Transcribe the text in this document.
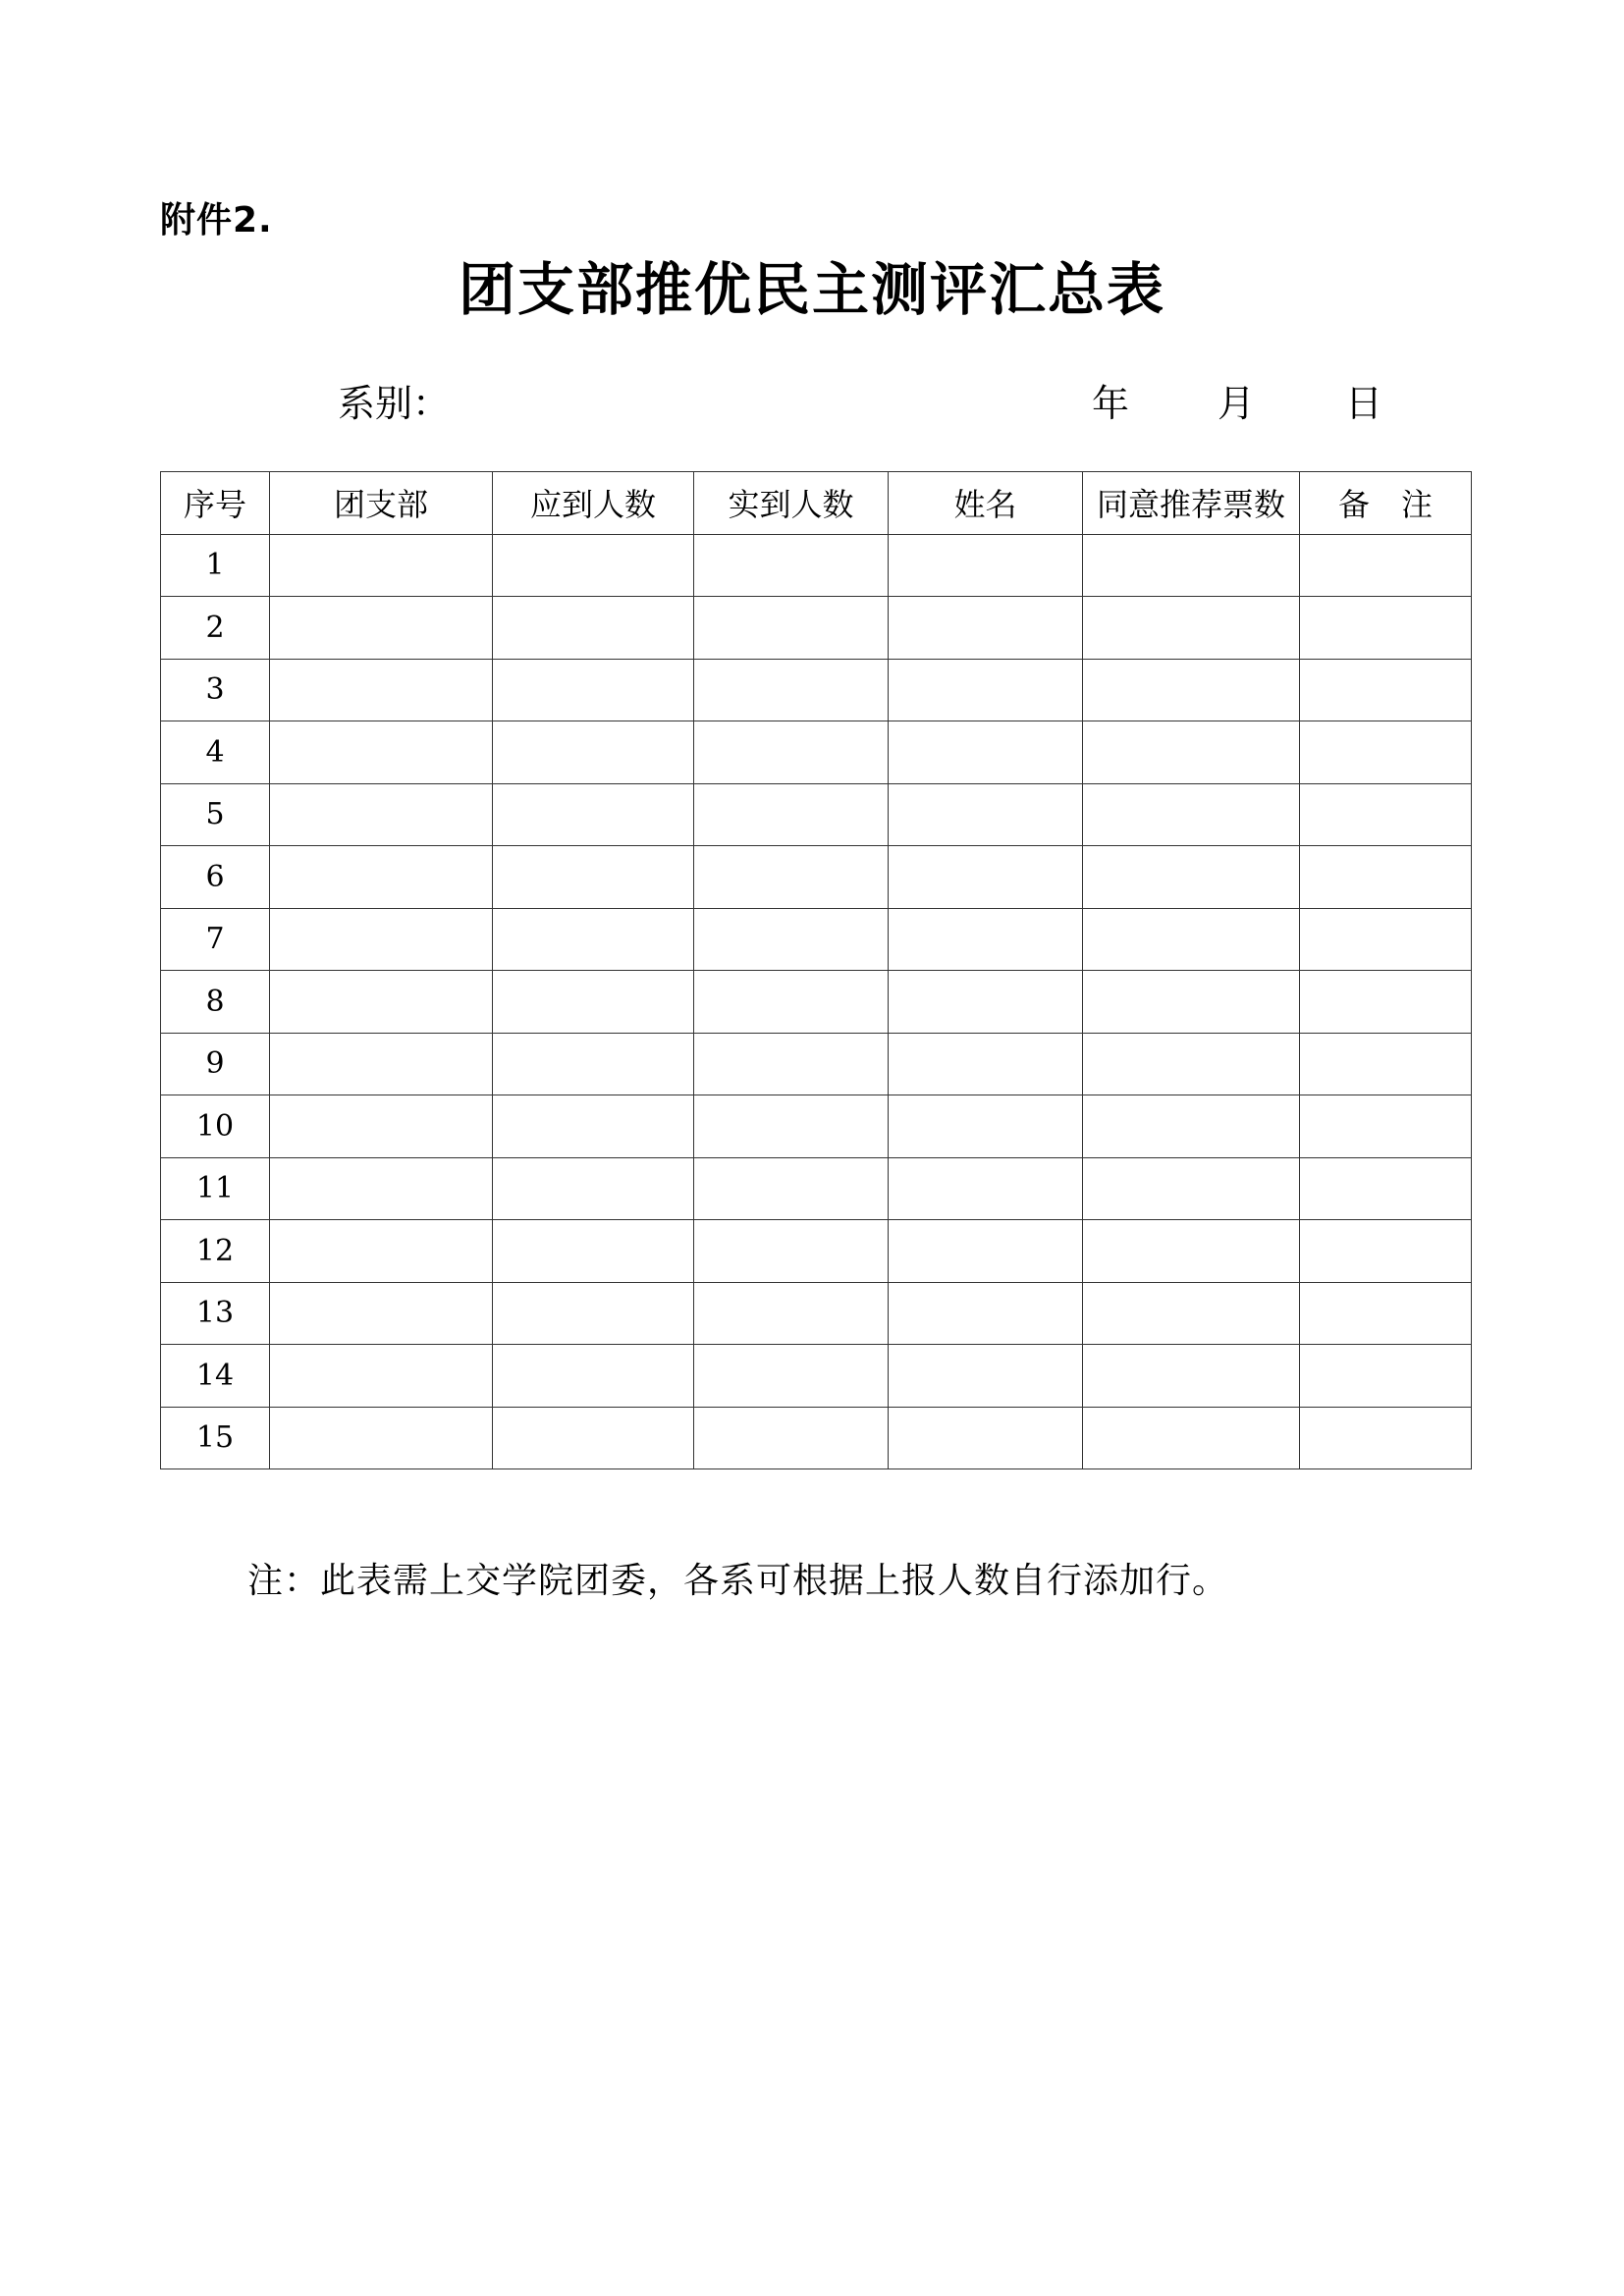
附件2.
团支部推优民主测评汇总表
系别：	年 月 日
序号	团支部	应到人数	实到人数	姓名	同意推荐票数	备　注
1						
2						
3						
4						
5						
6						
7						
8						
9						
10						
11						
12						
13						
14						
15						
注：此表需上交学院团委，各系可根据上报人数自行添加行。
